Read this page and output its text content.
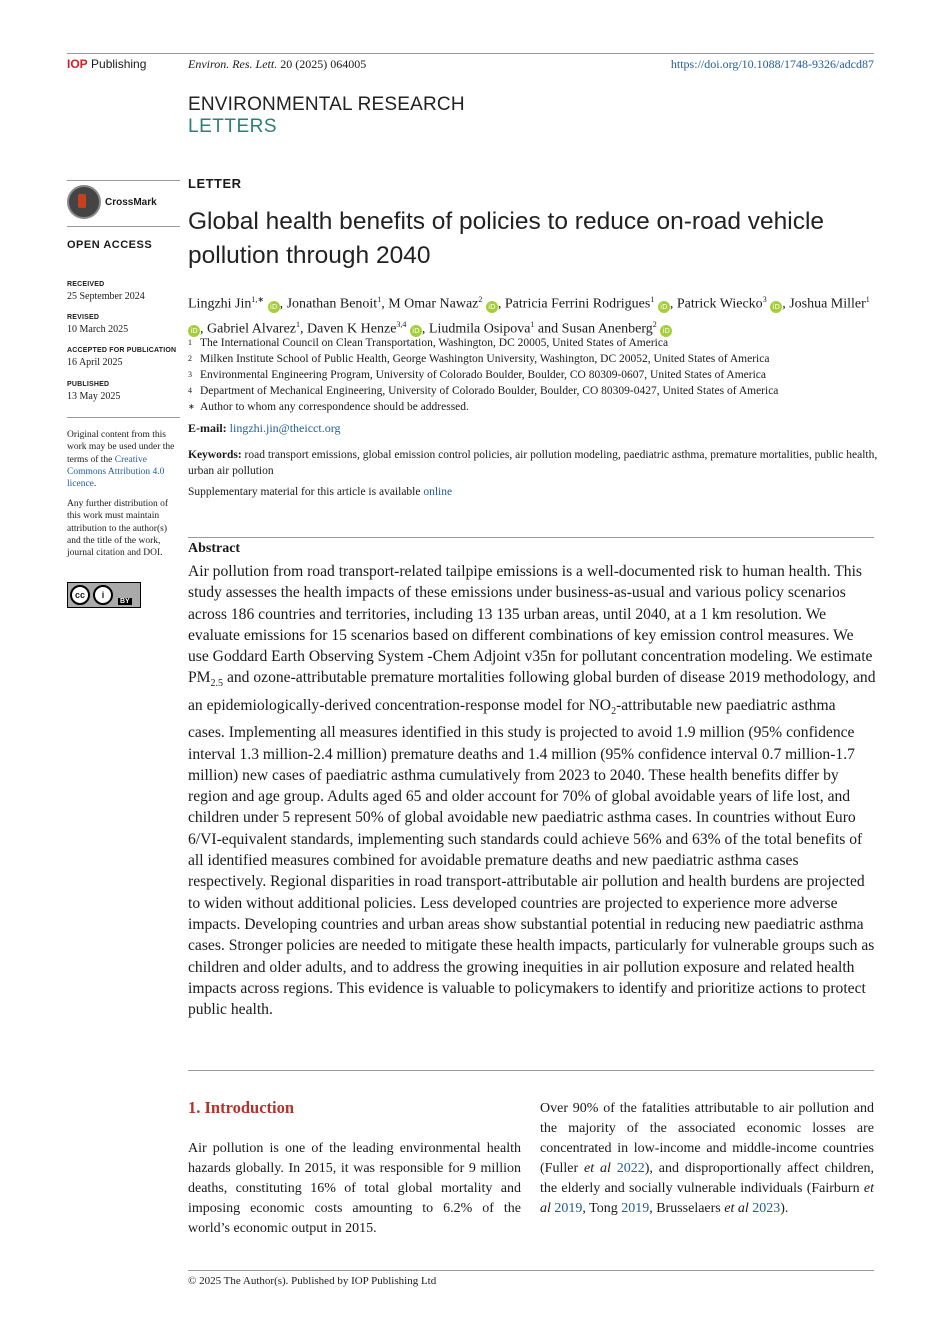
IOP Publishing	Environ. Res. Lett. 20 (2025) 064005	https://doi.org/10.1088/1748-9326/adcd87
ENVIRONMENTAL RESEARCH
LETTERS
CrossMark
OPEN ACCESS
RECEIVED
25 September 2024
REVISED
10 March 2025
ACCEPTED FOR PUBLICATION
16 April 2025
PUBLISHED
13 May 2025
Original content from this work may be used under the terms of the Creative Commons Attribution 4.0 licence.
Any further distribution of this work must maintain attribution to the author(s) and the title of the work, journal citation and DOI.
cc	i
BY
LETTER
Global health benefits of policies to reduce on-road vehicle pollution through 2040
Lingzhi Jin$^{1,∗}$ iD , Jonathan Benoit$^1$, M Omar Nawaz$^2$ iD , Patricia Ferrini Rodrigues$^1$ iD , Patrick Wiecko$^3$ iD , Joshua Miller$^1$ iD , Gabriel Alvarez$^1$, Daven K Henze$^{3,4}$ iD , Liudmila Osipova$^1$ and Susan Anenberg$^2$ iD
1 The International Council on Clean Transportation, Washington, DC 20005, United States of America
2 Milken Institute School of Public Health, George Washington University, Washington, DC 20052, United States of America
3 Environmental Engineering Program, University of Colorado Boulder, Boulder, CO 80309-0607, United States of America
4 Department of Mechanical Engineering, University of Colorado Boulder, Boulder, CO 80309-0427, United States of America
∗ Author to whom any correspondence should be addressed.
E-mail: lingzhi.jin@theicct.org
Keywords: road transport emissions, global emission control policies, air pollution modeling, paediatric asthma, premature mortalities, public health, urban air pollution
Supplementary material for this article is available online
Abstract
Air pollution from road transport-related tailpipe emissions is a well-documented risk to human health. This study assesses the health impacts of these emissions under business-as-usual and various policy scenarios across 186 countries and territories, including 13 135 urban areas, until 2040, at a 1 km resolution. We evaluate emissions for 15 scenarios based on different combinations of key emission control measures. We use Goddard Earth Observing System -Chem Adjoint v35n for pollutant concentration modeling. We estimate $PM_{2.5}$ and ozone-attributable premature mortalities following global burden of disease 2019 methodology, and an epidemiologically-derived concentration-response model for $NO_2$-attributable new paediatric asthma cases. Implementing all measures identified in this study is projected to avoid 1.9 million (95% confidence interval 1.3 million-2.4 million) premature deaths and 1.4 million (95% confidence interval 0.7 million-1.7 million) new cases of paediatric asthma cumulatively from 2023 to 2040. These health benefits differ by region and age group. Adults aged 65 and older account for 70% of global avoidable years of life lost, and children under 5 represent 50% of global avoidable new paediatric asthma cases. In countries without Euro 6/VI-equivalent standards, implementing such standards could achieve 56% and 63% of the total benefits of all identified measures combined for avoidable premature deaths and new paediatric asthma cases respectively. Regional disparities in road transport-attributable air pollution and health burdens are projected to widen without additional policies. Less developed countries are projected to experience more adverse impacts. Developing countries and urban areas show substantial potential in reducing new paediatric asthma cases. Stronger policies are needed to mitigate these health impacts, particularly for vulnerable groups such as children and older adults, and to address the growing inequities in air pollution exposure and related health impacts across regions. This evidence is valuable to policymakers to identify and prioritize actions to protect public health.
1. Introduction
Air pollution is one of the leading environmental health hazards globally. In 2015, it was responsible for 9 million deaths, constituting 16% of total global mortality and imposing economic costs amounting to 6.2% of the world’s economic output in 2015.
Over 90% of the fatalities attributable to air pollution and the majority of the associated economic losses are concentrated in low-income and middle-income countries (Fuller et al 2022), and disproportionally affect children, the elderly and socially vulnerable individuals (Fairburn et al 2019, Tong 2019, Brusselaers et al 2023).
© 2025 The Author(s). Published by IOP Publishing Ltd
